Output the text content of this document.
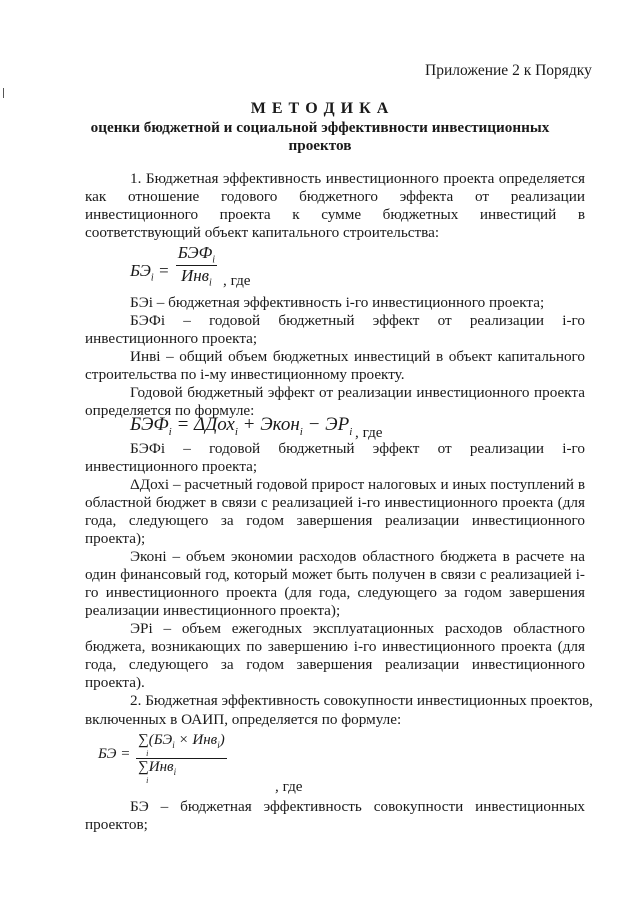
Приложение 2 к Порядку
М Е Т О Д И К А
оценки бюджетной и социальной эффективности инвестиционных
проектов
1. Бюджетная эффективность инвестиционного проекта определяется
как отношение годового бюджетного эффекта от реализации
инвестиционного проекта к сумме бюджетных инвестиций в
соответствующий объект капитального строительства:
$БЭ_i = \frac{БЭФ_i}{Инв_i}$ , где
БЭi – бюджетная эффективность i-го инвестиционного проекта;
БЭФi – годовой бюджетный эффект от реализации i-го
инвестиционного проекта;
Инвi – общий объем бюджетных инвестиций в объект капитального
строительства по i-му инвестиционному проекту.
Годовой бюджетный эффект от реализации инвестиционного проекта
определяется по формуле:
$БЭФ_i = \Delta Дох_i$ + Экон$_i$ − $ЭР_i$ , где
БЭФi – годовой бюджетный эффект от реализации i-го
инвестиционного проекта;
ΔДохi – расчетный годовой прирост налоговых и иных поступлений в
областной бюджет в связи с реализацией i-го инвестиционного проекта (для
года, следующего за годом завершения реализации инвестиционного
проекта);
Эконi – объем экономии расходов областного бюджета в расчете на
один финансовый год, который может быть получен в связи с реализацией i-
го инвестиционного проекта (для года, следующего за годом завершения
реализации инвестиционного проекта);
ЭРi – объем ежегодных эксплуатационных расходов областного
бюджета, возникающих по завершению i-го инвестиционного проекта (для
года, следующего за годом завершения реализации инвестиционного
проекта).
2. Бюджетная эффективность совокупности инвестиционных проектов,
включенных в ОАИП, определяется по формуле:
БЭ =
$\sum(БЭ_i \times Инв_i)$

i
∑Инв$_i$

i	, где
БЭ – бюджетная эффективность совокупности инвестиционных
проектов;
